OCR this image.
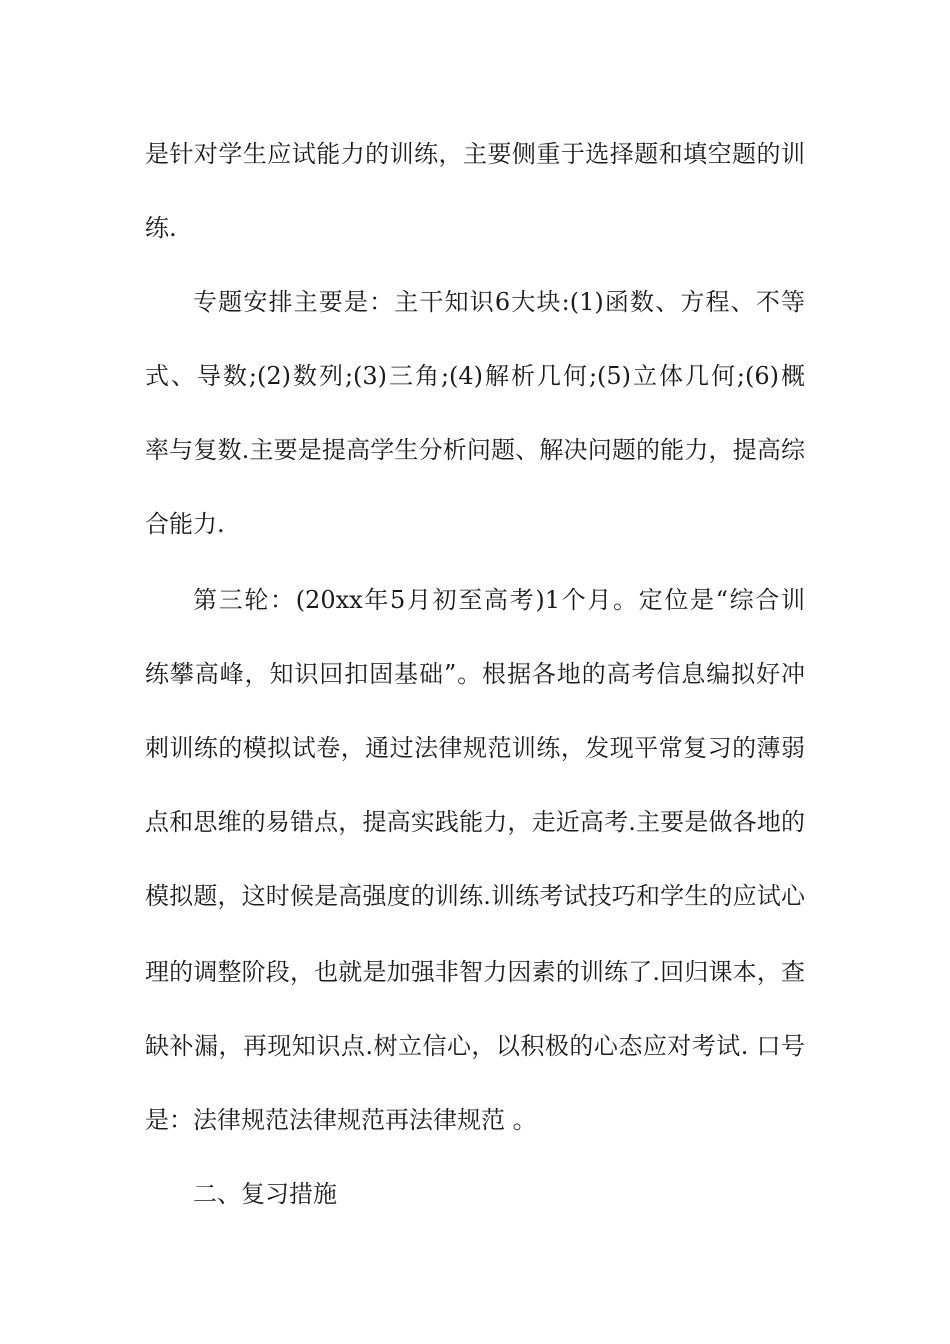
是针对学生应试能力的训练，主要侧重于选择题和填空题的训
练.
专题安排主要是：主干知识6大块:(1)函数、方程、不等
式、导数;(2)数列;(3)三角;(4)解析几何;(5)立体几何;(6)概
率与复数.主要是提高学生分析问题、解决问题的能力，提高综
合能力.
第三轮：(20xx年5月初至高考)1个月。定位是“综合训
练攀高峰，知识回扣固基础”。根据各地的高考信息编拟好冲
刺训练的模拟试卷，通过法律规范训练，发现平常复习的薄弱
点和思维的易错点，提高实践能力，走近高考.主要是做各地的
模拟题，这时候是高强度的训练.训练考试技巧和学生的应试心
理的调整阶段，也就是加强非智力因素的训练了.回归课本，查
缺补漏，再现知识点.树立信心，以积极的心态应对考试. 口号
是：法律规范法律规范再法律规范 。
二、复习措施
